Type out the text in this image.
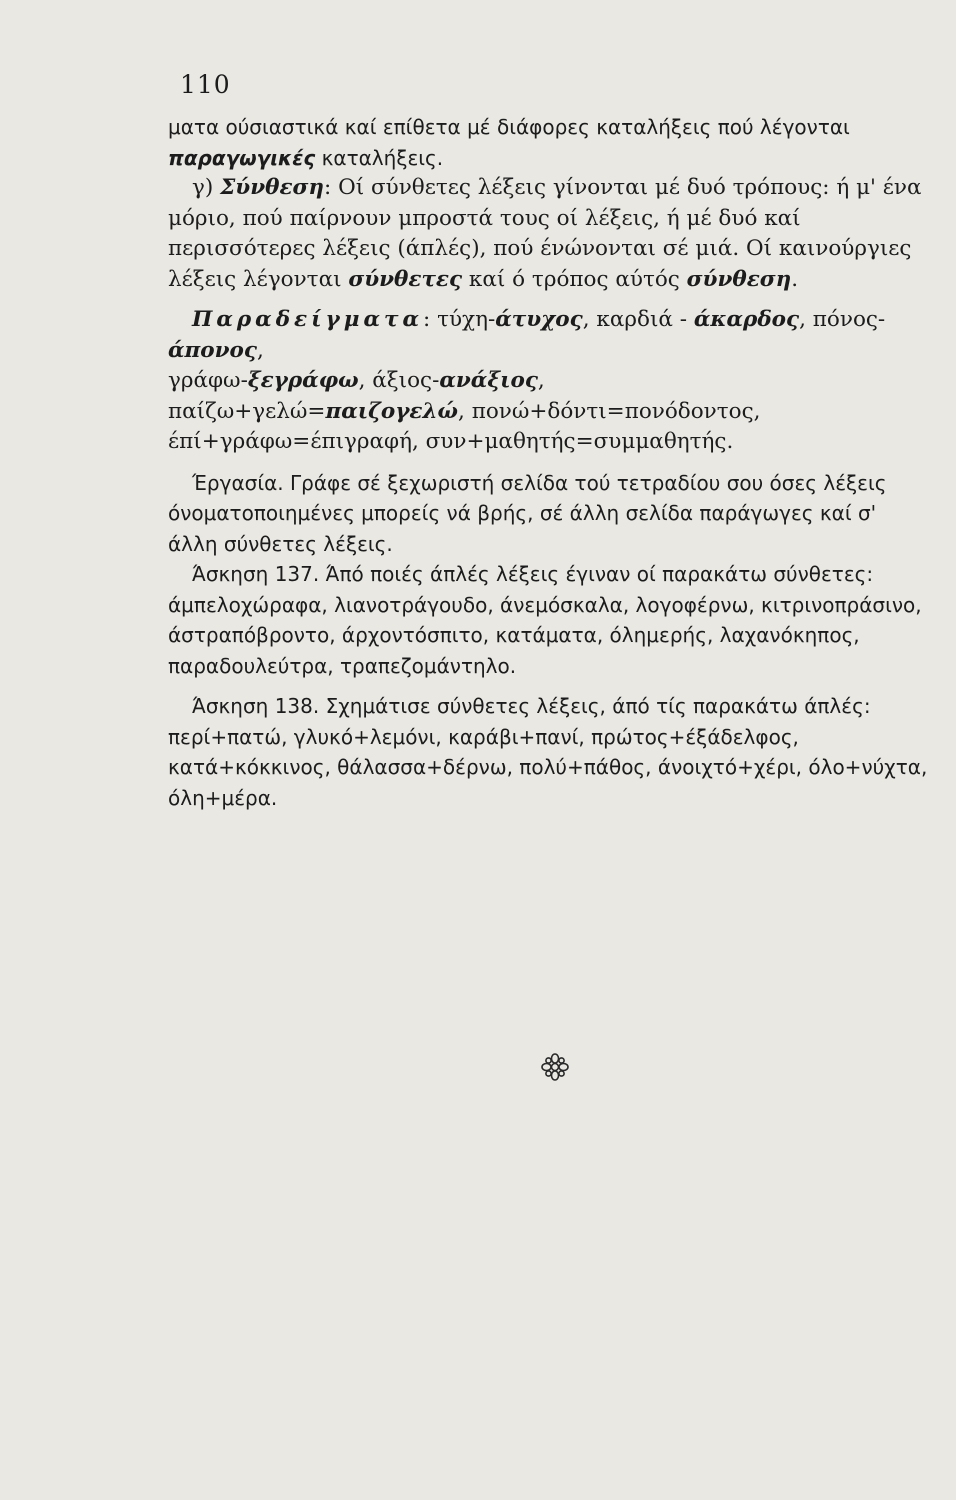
110

ματα ούσιαστικά καί επίθετα μέ διάφορες καταλήξεις πού λέγονται παραγωγικές καταλήξεις.

γ) Σύνθεση: Οί σύνθετες λέξεις γίνονται μέ δυό τρόπους: ή μ' ένα μόριο, πού παίρνουν μπροστά τους οί λέξεις, ή μέ δυό καί περισσότερες λέξεις (άπλές), πού ένώνονται σέ μιά. Οί καινούργιες λέξεις λέγονται σύνθετες καί ό τρόπος αύτός σύνθεση.

Παραδείγματα: τύχη-άτυχος, καρδιά - άκαρδος, πόνος- άπονος,

γράφω-ξεγράφω, άξιος-ανάξιος,

παίζω+γελώ=παιζογελώ, πονώ+δόντι=πονόδοντος,

έπί+γράφω=έπιγραφή, συν+μαθητής=συμμαθητής.

Έργασία. Γράφε σέ ξεχωριστή σελίδα τού τετραδίου σου όσες λέξεις όνοματοποιημένες μπορείς νά βρής, σέ άλλη σελίδα παράγωγες καί σ' άλλη σύνθετες λέξεις.

Άσκηση 137. Άπό ποιές άπλές λέξεις έγιναν οί παρακάτω σύνθετες: άμπελοχώραφα, λιανοτράγουδο, άνεμόσκαλα, λογοφέρνω, κιτρινοπράσινο, άστραπόβροντο, άρχοντόσπιτο, κατάματα, όλημερής, λαχανόκηπος, παραδουλεύτρα, τραπεζομάντηλο.

Άσκηση 138. Σχημάτισε σύνθετες λέξεις, άπό τίς παρακάτω άπλές: περί+πατώ, γλυκό+λεμόνι, καράβι+πανί, πρώτος+έξάδελφος, κατά+κόκκινος, θάλασσα+δέρνω, πολύ+πάθος, άνοιχτό+χέρι, όλο+νύχτα, όλη+μέρα.
